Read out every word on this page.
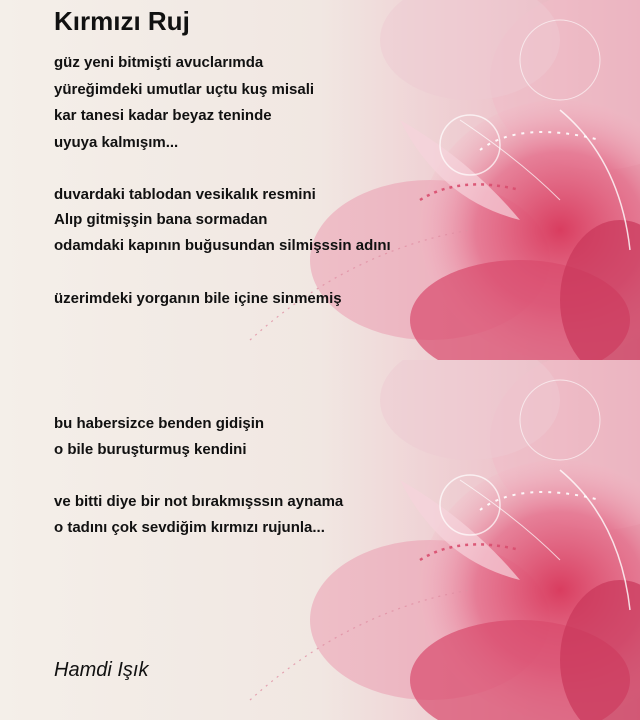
Kırmızı Ruj
güz yeni bitmişti avuclarımda
yüreğimdeki umutlar uçtu kuş misali
kar tanesi kadar beyaz teninde
uyuya kalmışım...
duvardaki tablodan vesikalık resmini
Alıp gitmişşin bana sormadan
odamdaki kapının buğusundan silmişssin adını
üzerimdeki yorganın bile içine sinmemiş
bu habersizce benden gidişin
o bile buruşturmuş kendini
ve bitti diye bir not bırakmışssın aynama
o tadını çok sevdiğim kırmızı rujunla...
Hamdi Işık
